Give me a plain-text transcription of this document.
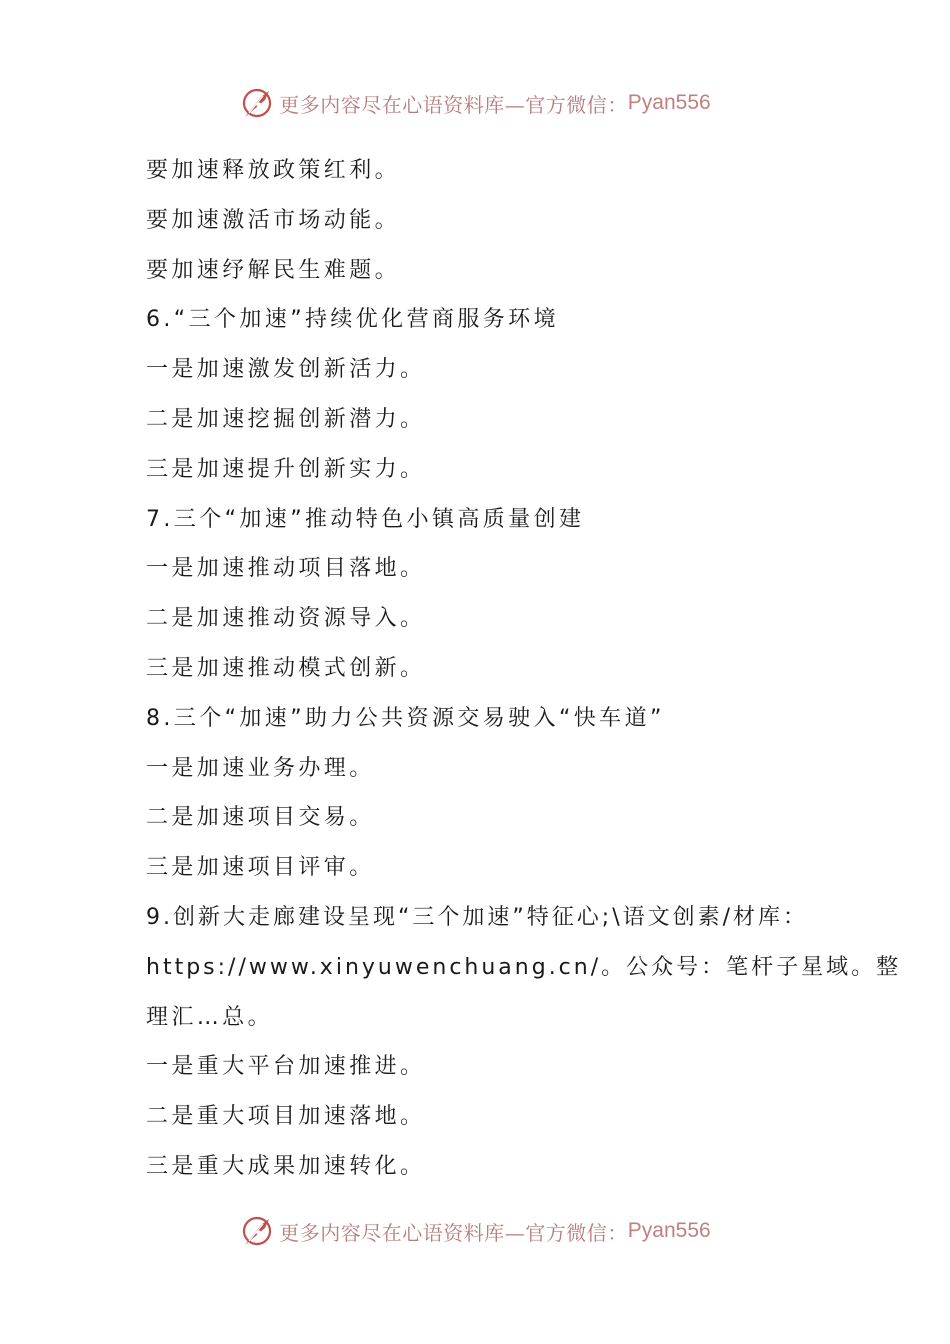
更多内容尽在心语资料库—官方微信： Pyan556
要加速释放政策红利。
要加速激活市场动能。
要加速纾解民生难题。
6.“三个加速”持续优化营商服务环境
一是加速激发创新活力。
二是加速挖掘创新潜力。
三是加速提升创新实力。
7.三个“加速”推动特色小镇高质量创建
一是加速推动项目落地。
二是加速推动资源导入。
三是加速推动模式创新。
8.三个“加速”助力公共资源交易驶入“快车道”
一是加速业务办理。
二是加速项目交易。
三是加速项目评审。
9.创新大走廊建设呈现“三个加速”特征心;\语文创素/材库：
https://www.xinyuwenchuang.cn/。公众号：笔杆子星域。整
理汇…总。
一是重大平台加速推进。
二是重大项目加速落地。
三是重大成果加速转化。
更多内容尽在心语资料库—官方微信： Pyan556
